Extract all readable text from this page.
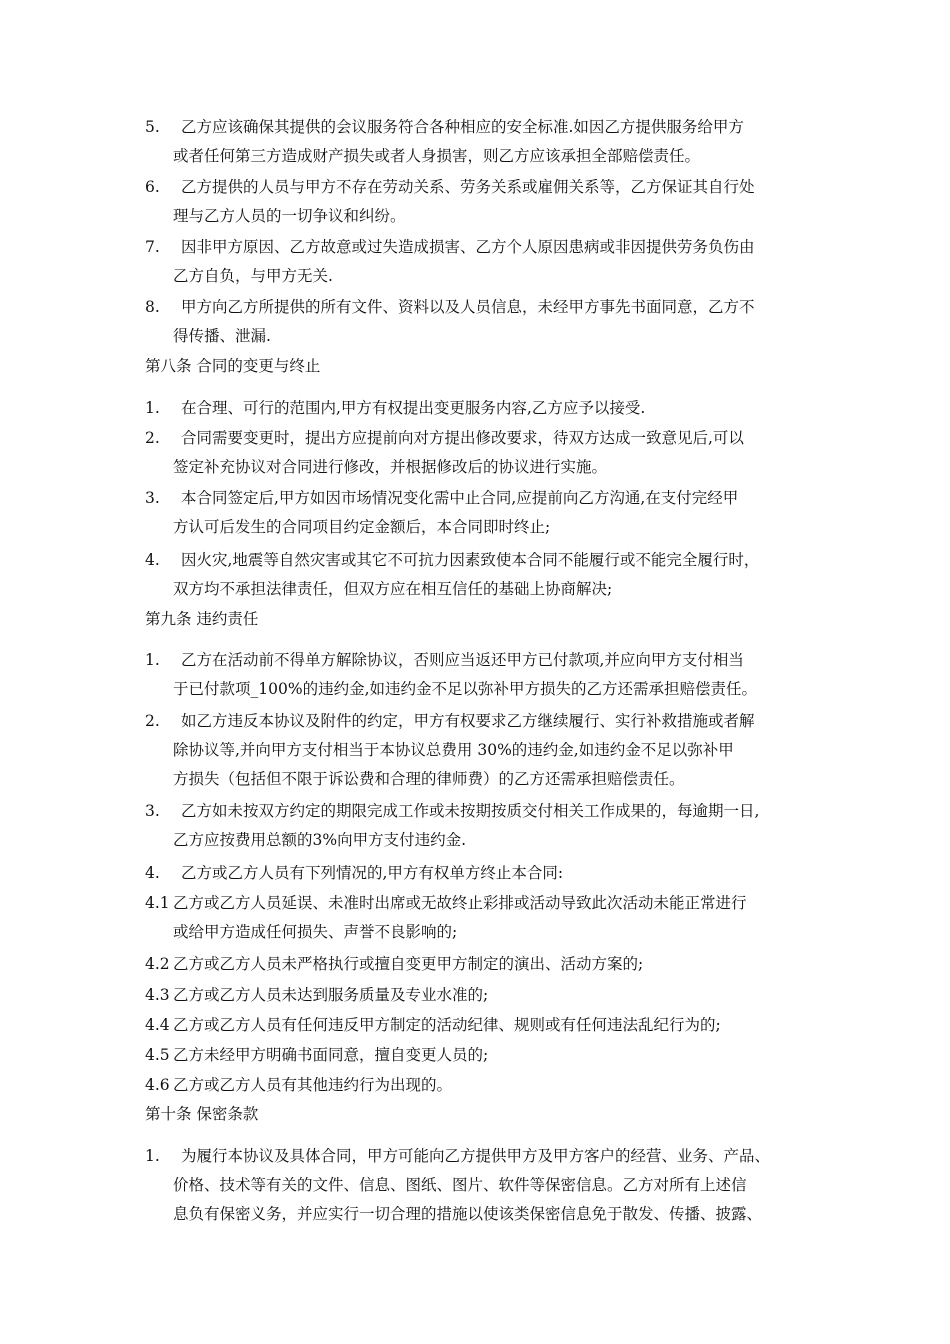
5. 乙方应该确保其提供的会议服务符合各种相应的安全标准.如因乙方提供服务给甲方
或者任何第三方造成财产损失或者人身损害，则乙方应该承担全部赔偿责任。
6. 乙方提供的人员与甲方不存在劳动关系、劳务关系或雇佣关系等，乙方保证其自行处
理与乙方人员的一切争议和纠纷。
7. 因非甲方原因、乙方故意或过失造成损害、乙方个人原因患病或非因提供劳务负伤由
乙方自负，与甲方无关.
8. 甲方向乙方所提供的所有文件、资料以及人员信息，未经甲方事先书面同意，乙方不
得传播、泄漏.
第八条 合同的变更与终止
1. 在合理、可行的范围内,甲方有权提出变更服务内容,乙方应予以接受.
2. 合同需要变更时，提出方应提前向对方提出修改要求，待双方达成一致意见后,可以
签定补充协议对合同进行修改，并根据修改后的协议进行实施。
3. 本合同签定后,甲方如因市场情况变化需中止合同,应提前向乙方沟通,在支付完经甲
方认可后发生的合同项目约定金额后，本合同即时终止;
4. 因火灾,地震等自然灾害或其它不可抗力因素致使本合同不能履行或不能完全履行时，
双方均不承担法律责任，但双方应在相互信任的基础上协商解决;
第九条 违约责任
1. 乙方在活动前不得单方解除协议，否则应当返还甲方已付款项,并应向甲方支付相当
于已付款项_100%的违约金,如违约金不足以弥补甲方损失的乙方还需承担赔偿责任。
2. 如乙方违反本协议及附件的约定，甲方有权要求乙方继续履行、实行补救措施或者解
除协议等,并向甲方支付相当于本协议总费用 30%的违约金,如违约金不足以弥补甲
方损失（包括但不限于诉讼费和合理的律师费）的乙方还需承担赔偿责任。
3. 乙方如未按双方约定的期限完成工作或未按期按质交付相关工作成果的，每逾期一日,
乙方应按费用总额的3%向甲方支付违约金.
4. 乙方或乙方人员有下列情况的,甲方有权单方终止本合同:
4.1 乙方或乙方人员延误、未准时出席或无故终止彩排或活动导致此次活动未能正常进行
或给甲方造成任何损失、声誉不良影响的;
4.2 乙方或乙方人员未严格执行或擅自变更甲方制定的演出、活动方案的;
4.3 乙方或乙方人员未达到服务质量及专业水准的;
4.4 乙方或乙方人员有任何违反甲方制定的活动纪律、规则或有任何违法乱纪行为的;
4.5 乙方未经甲方明确书面同意，擅自变更人员的;
4.6 乙方或乙方人员有其他违约行为出现的。
第十条 保密条款
1. 为履行本协议及具体合同，甲方可能向乙方提供甲方及甲方客户的经营、业务、产品、
价格、技术等有关的文件、信息、图纸、图片、软件等保密信息。乙方对所有上述信
息负有保密义务，并应实行一切合理的措施以使该类保密信息免于散发、传播、披露、
